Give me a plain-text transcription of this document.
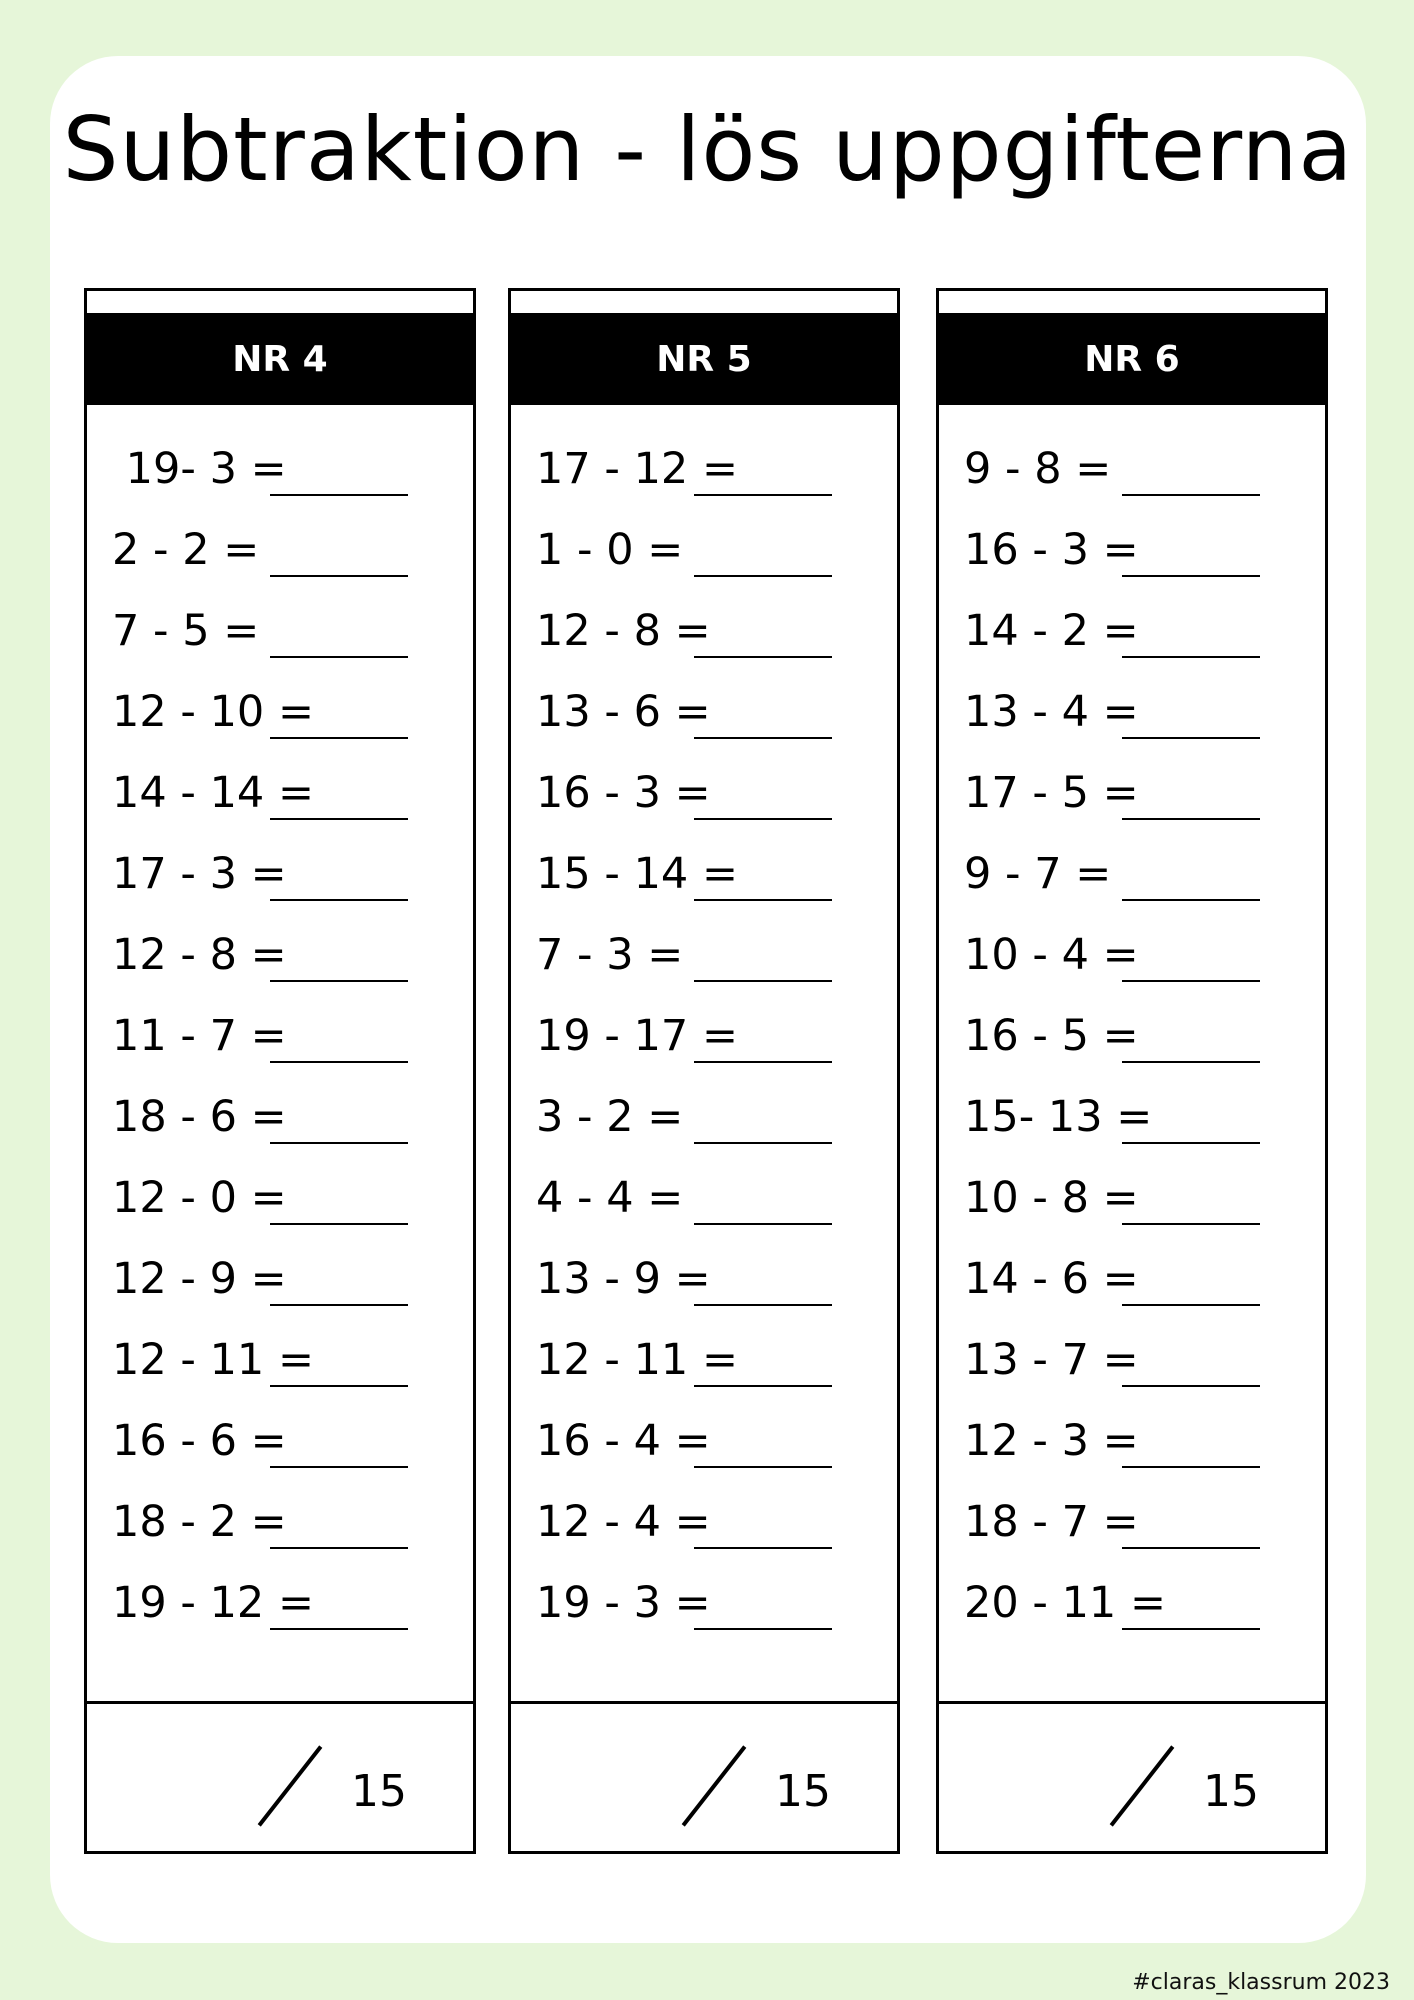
Subtraktion - lös uppgifterna
NR 4
19- 3 =
2 - 2 =
7 - 5 =
12 - 10 =
14 - 14 =
17 - 3 =
12 - 8 =
11 - 7 =
18 - 6 =
12 - 0 =
12 - 9 =
12 - 11 =
16 - 6 =
18 - 2 =
19 - 12 =
15
NR 5
17 - 12 =
1 - 0 =
12 - 8 =
13 - 6 =
16 - 3 =
15 - 14 =
7 - 3 =
19 - 17 =
3 - 2 =
4 - 4 =
13 - 9 =
12 - 11 =
16 - 4 =
12 - 4 =
19 - 3 =
15
NR 6
9 - 8 =
16 - 3 =
14 - 2 =
13 - 4 =
17 - 5 =
9 - 7 =
10 - 4 =
16 - 5 =
15- 13 =
10 - 8 =
14 - 6 =
13 - 7 =
12 - 3 =
18 - 7 =
20 - 11 =
15
#claras_klassrum 2023
